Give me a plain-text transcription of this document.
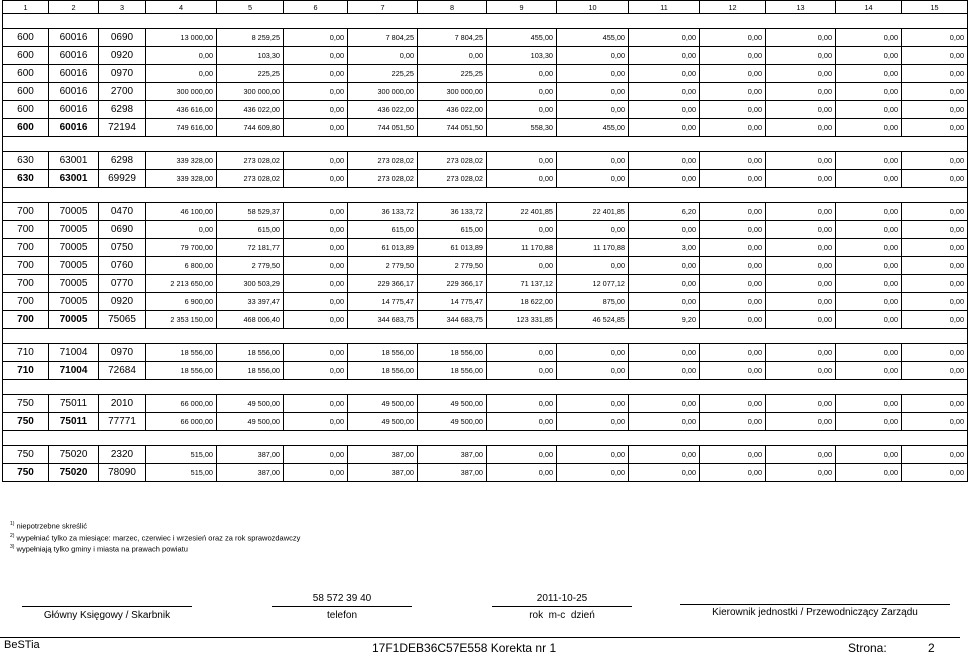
1	2	3	4	5	6	7	8	9	10	11	12	13	14	15

600	60016	0690	13 000,00	8 259,25	0,00	7 804,25	7 804,25	455,00	455,00	0,00	0,00	0,00	0,00	0,00
600	60016	0920	0,00	103,30	0,00	0,00	0,00	103,30	0,00	0,00	0,00	0,00	0,00	0,00
600	60016	0970	0,00	225,25	0,00	225,25	225,25	0,00	0,00	0,00	0,00	0,00	0,00	0,00
600	60016	2700	300 000,00	300 000,00	0,00	300 000,00	300 000,00	0,00	0,00	0,00	0,00	0,00	0,00	0,00
600	60016	6298	436 616,00	436 022,00	0,00	436 022,00	436 022,00	0,00	0,00	0,00	0,00	0,00	0,00	0,00
600	60016	72194	749 616,00	744 609,80	0,00	744 051,50	744 051,50	558,30	455,00	0,00	0,00	0,00	0,00	0,00

630	63001	6298	339 328,00	273 028,02	0,00	273 028,02	273 028,02	0,00	0,00	0,00	0,00	0,00	0,00	0,00
630	63001	69929	339 328,00	273 028,02	0,00	273 028,02	273 028,02	0,00	0,00	0,00	0,00	0,00	0,00	0,00

700	70005	0470	46 100,00	58 529,37	0,00	36 133,72	36 133,72	22 401,85	22 401,85	6,20	0,00	0,00	0,00	0,00
700	70005	0690	0,00	615,00	0,00	615,00	615,00	0,00	0,00	0,00	0,00	0,00	0,00	0,00
700	70005	0750	79 700,00	72 181,77	0,00	61 013,89	61 013,89	11 170,88	11 170,88	3,00	0,00	0,00	0,00	0,00
700	70005	0760	6 800,00	2 779,50	0,00	2 779,50	2 779,50	0,00	0,00	0,00	0,00	0,00	0,00	0,00
700	70005	0770	2 213 650,00	300 503,29	0,00	229 366,17	229 366,17	71 137,12	12 077,12	0,00	0,00	0,00	0,00	0,00
700	70005	0920	6 900,00	33 397,47	0,00	14 775,47	14 775,47	18 622,00	875,00	0,00	0,00	0,00	0,00	0,00
700	70005	75065	2 353 150,00	468 006,40	0,00	344 683,75	344 683,75	123 331,85	46 524,85	9,20	0,00	0,00	0,00	0,00

710	71004	0970	18 556,00	18 556,00	0,00	18 556,00	18 556,00	0,00	0,00	0,00	0,00	0,00	0,00	0,00
710	71004	72684	18 556,00	18 556,00	0,00	18 556,00	18 556,00	0,00	0,00	0,00	0,00	0,00	0,00	0,00

750	75011	2010	66 000,00	49 500,00	0,00	49 500,00	49 500,00	0,00	0,00	0,00	0,00	0,00	0,00	0,00
750	75011	77771	66 000,00	49 500,00	0,00	49 500,00	49 500,00	0,00	0,00	0,00	0,00	0,00	0,00	0,00

750	75020	2320	515,00	387,00	0,00	387,00	387,00	0,00	0,00	0,00	0,00	0,00	0,00	0,00
750	75020	78090	515,00	387,00	0,00	387,00	387,00	0,00	0,00	0,00	0,00	0,00	0,00	0,00
$^{1)}$ niepotrzebne skreślić
$^{2)}$ wypełniać tylko za miesiące: marzec, czerwiec i wrzesień oraz za rok sprawozdawczy
$^{3)}$ wypełniają tylko gminy i miasta na prawach powiatu
Główny Księgowy / Skarbnik
58 572 39 40
telefon
2011-10-25
rok  m-c  dzień	Kierownik jednostki / Przewodniczący Zarządu
BeSTia	17F1DEB36C57E558 Korekta nr 1	Strona:	2
